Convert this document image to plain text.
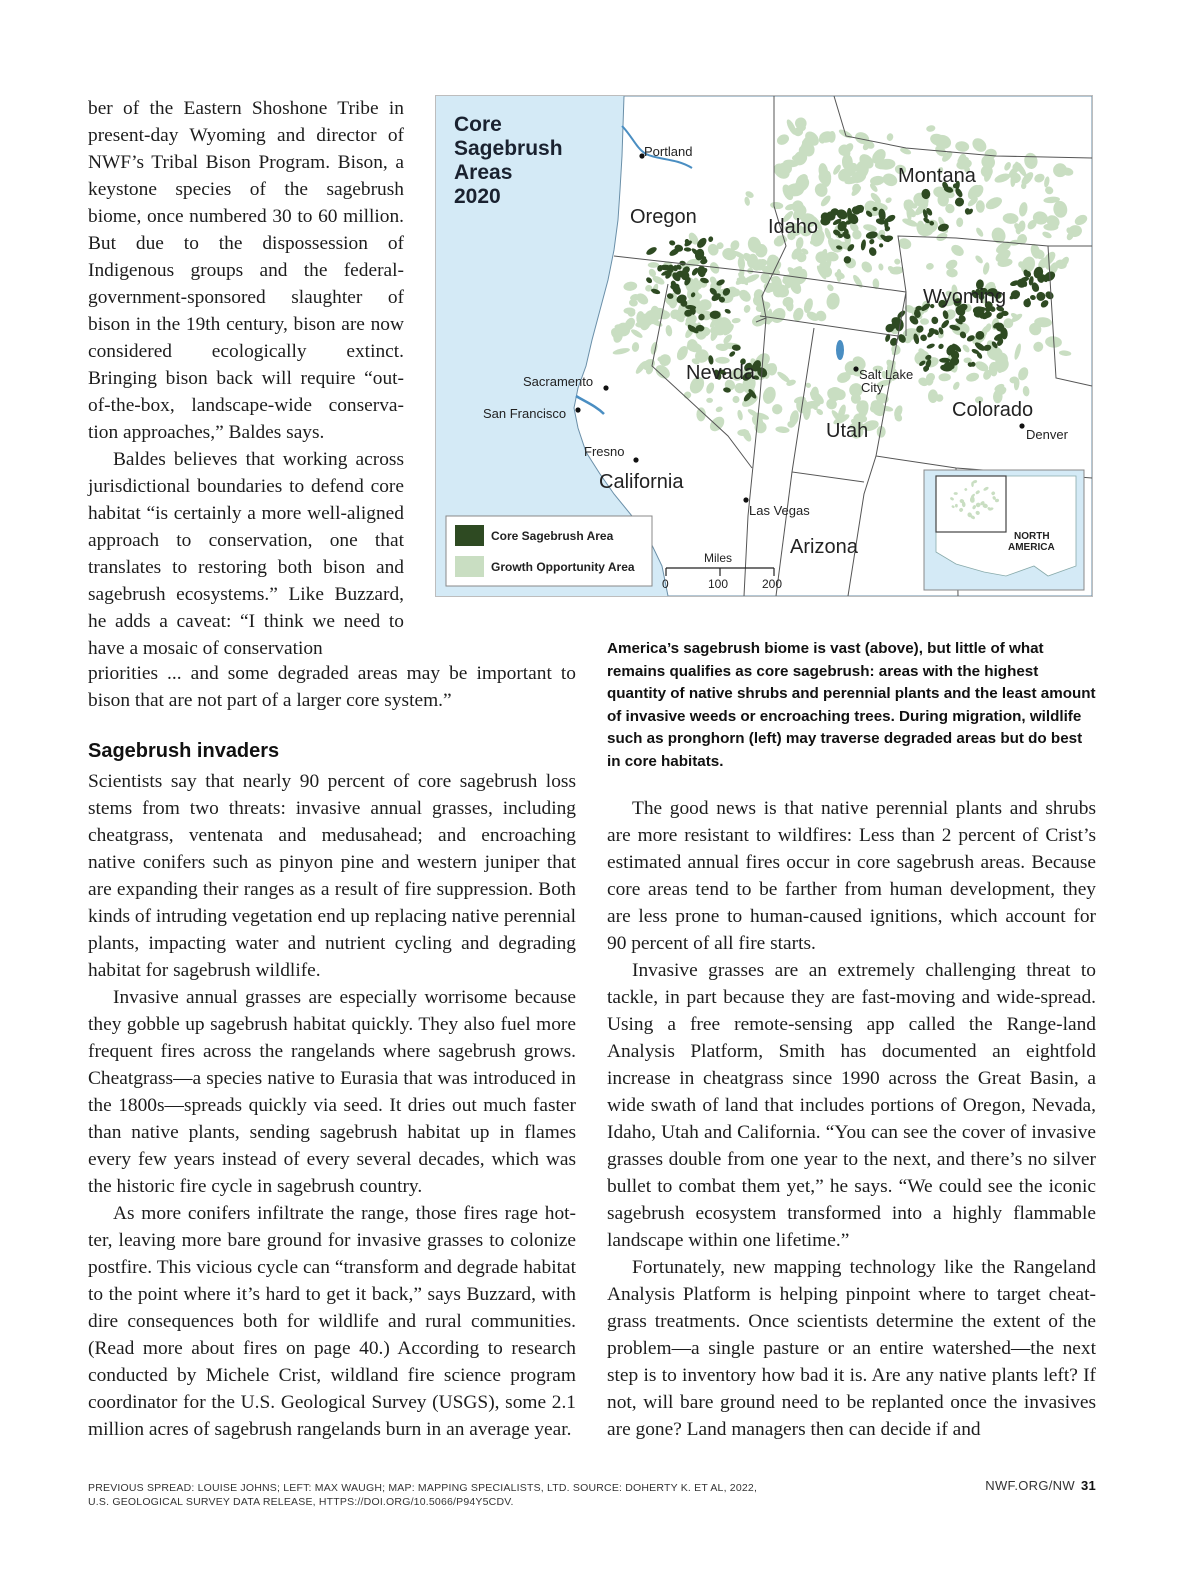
ber of the Eastern Shoshone Tribe in present-day Wyoming and director of NWF’s Tribal Bison Program. Bison, a keystone species of the sagebrush biome, once numbered 30 to 60 million. But due to the dispossession of Indigenous groups and the federal-government-sponsored slaughter of bison in the 19th century, bison are now considered ecologically extinct. Bringing bison back will require “out-of-the-box, landscape-wide conservation approaches,” Baldes says.

Baldes believes that working across jurisdictional boundaries to defend core habitat “is certainly a more well-aligned approach to conservation, one that translates to restoring both bison and sagebrush ecosystems.” Like Buzzard, he adds a caveat: “I think we need to have a mosaic of conservation

priorities ... and some degraded areas may be important to bison that are not part of a larger core system.”

Sagebrush invaders

Scientists say that nearly 90 percent of core sagebrush loss stems from two threats: invasive annual grasses, including cheatgrass, ventenata and medusahead; and encroaching native conifers such as pinyon pine and western juniper that are expanding their ranges as a result of fire suppression. Both kinds of intruding vegetation end up replacing native perennial plants, impacting water and nutrient cycling and degrading habitat for sagebrush wildlife.

Invasive annual grasses are especially worrisome because they gobble up sagebrush habitat quickly. They also fuel more frequent fires across the rangelands where sagebrush grows. Cheatgrass—a species native to Eurasia that was introduced in the 1800s—spreads quickly via seed. It dries out much faster than native plants, sending sagebrush habitat up in flames every few years instead of every several decades, which was the historic fire cycle in sagebrush country.

As more conifers infiltrate the range, those fires rage hotter, leaving more bare ground for invasive grasses to colonize postfire. This vicious cycle can “transform and degrade habitat to the point where it’s hard to get it back,” says Buzzard, with dire consequences both for wildlife and rural communities. (Read more about fires on page 40.) According to research conducted by Michele Crist, wildland fire science program coordinator for the U.S. Geological Survey (USGS), some 2.1 million acres of sagebrush rangelands burn in an average year.

America’s sagebrush biome is vast (above), but little of what remains qualifies as core sagebrush: areas with the highest quantity of native shrubs and perennial plants and the least amount of invasive weeds or encroaching trees. During migration, wildlife such as pronghorn (left) may traverse degraded areas but do best in core habitats.

The good news is that native perennial plants and shrubs are more resistant to wildfires: Less than 2 percent of Crist’s estimated annual fires occur in core sagebrush areas. Because core areas tend to be farther from human development, they are less prone to human-caused ignitions, which account for 90 percent of all fire starts.

Invasive grasses are an extremely challenging threat to tackle, in part because they are fast-moving and wide-spread. Using a free remote-sensing app called the Range-land Analysis Platform, Smith has documented an eightfold increase in cheatgrass since 1990 across the Great Basin, a wide swath of land that includes portions of Oregon, Nevada, Idaho, Utah and California. “You can see the cover of invasive grasses double from one year to the next, and there’s no silver bullet to combat them yet,” he says. “We could see the iconic sagebrush ecosystem transformed into a highly flammable landscape within one lifetime.”

Fortunately, new mapping technology like the Rangeland Analysis Platform is helping pinpoint where to target cheat-grass treatments. Once scientists determine the extent of the problem—a single pasture or an entire watershed—the next step is to inventory how bad it is. Are any native plants left? If not, will bare ground need to be replanted once the invasives are gone? Land managers then can decide if and

Core
Sagebrush
Areas
2020
Oregon	Idaho
Montana
Wyoming
Nevada
Utah
Colorado
California
Arizona
Portland
Sacramento
San Francisco
Fresno
Salt Lake
City
Denver
Las Vegas
Core Sagebrush Area
Growth Opportunity Area
Miles
0	100	200
NORTH
AMERICA
PREVIOUS SPREAD: LOUISE JOHNS; LEFT: MAX WAUGH; MAP: MAPPING SPECIALISTS, LTD. SOURCE: DOHERTY K. ET AL, 2022,
U.S. GEOLOGICAL SURVEY DATA RELEASE, HTTPS://DOI.ORG/10.5066/P94Y5CDV.
NWF.ORG/NW 31
